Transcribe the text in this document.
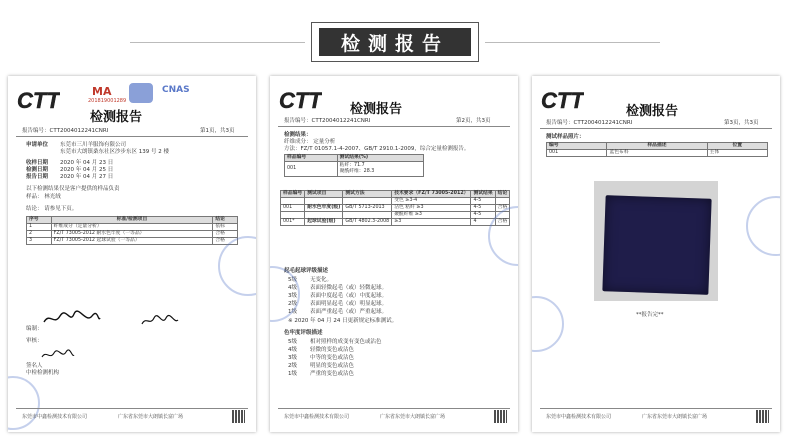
检测报告
CTT	MA
201819001289
CNAS
检测报告
报告编号：CTT2004012241CNRI	第1页，共3页
申请单位 东莞市三川羊服饰有限公司
东莞市大朗镇桑东社区沙步东区 139 号 2 楼
收样日期 2020 年 04 月 23 日
检测日期 2020 年 04 月 25 日
报告日期 2020 年 04 月 27 日
以下检测结果仅是客户提供的样品负责
样品： 林光绒
结论： 请参见下页。
序号	标准/检测项目	结论
1	纤维成分（定量分析）	依标
2	FZ/T 73005-2012 耐水色牢度（一等品）	合格
3	FZ/T 73005-2012 起球试验（一等品）	合格
编制：
审核：
签名人
中检检测机构
东莞市中鑫检测技术有限公司	广东省东莞市大朗镇长富广场
CTT 检测报告
报告编号：CTT2004012241CNRI	第2页，共3页
检测结果：
纤维成分： 定量分析
方法：FZ/T 01057.1-4-2007、GB/T 2910.1-2009，综合定量检测报告。
样品编号	测试结果(%)
001	粘纤：71.7
聚酰纤维：28.3
样品编号	测试项目	测试方法	技术要求（FZ/T 73005-2012）	测试结果	结论
			变色 ≥3-4	4-5	
001	耐水色牢度(级)	GB/T 5713-2013	沾色 粘纤 ≥3	4-5	合格
			聚酰纤维 ≥3	4-5	
001*	起球试验(级)	GB/T 4802.3-2008	≥3	4	合格
起毛起球评级描述
5级 无变化。
4级 表面轻微起毛（或）轻微起球。
3级 表面中度起毛（或）中度起球。
2级 表面明显起毛（或）明显起球。
1级 表面严重起毛（或）严重起球。
※ 2020 年 04 月 24 日更新规定标准测试。
色牢度评级描述
5级 相对照样的成变有变色或沾色
4级 轻微的变色或沾色
3级 中等的变色或沾色
2级 明显的变色或沾色
1级 严重的变色或沾色
东莞市中鑫检测技术有限公司	广东省东莞市大朗镇长富广场
CTT	检测报告
报告编号：CTT2004012241CNRI	第3页，共3页
测试样品照片：
编号	样品描述	位置
001	蓝色布料	主体
**报告完**
东莞市中鑫检测技术有限公司	广东省东莞市大朗镇长富广场
